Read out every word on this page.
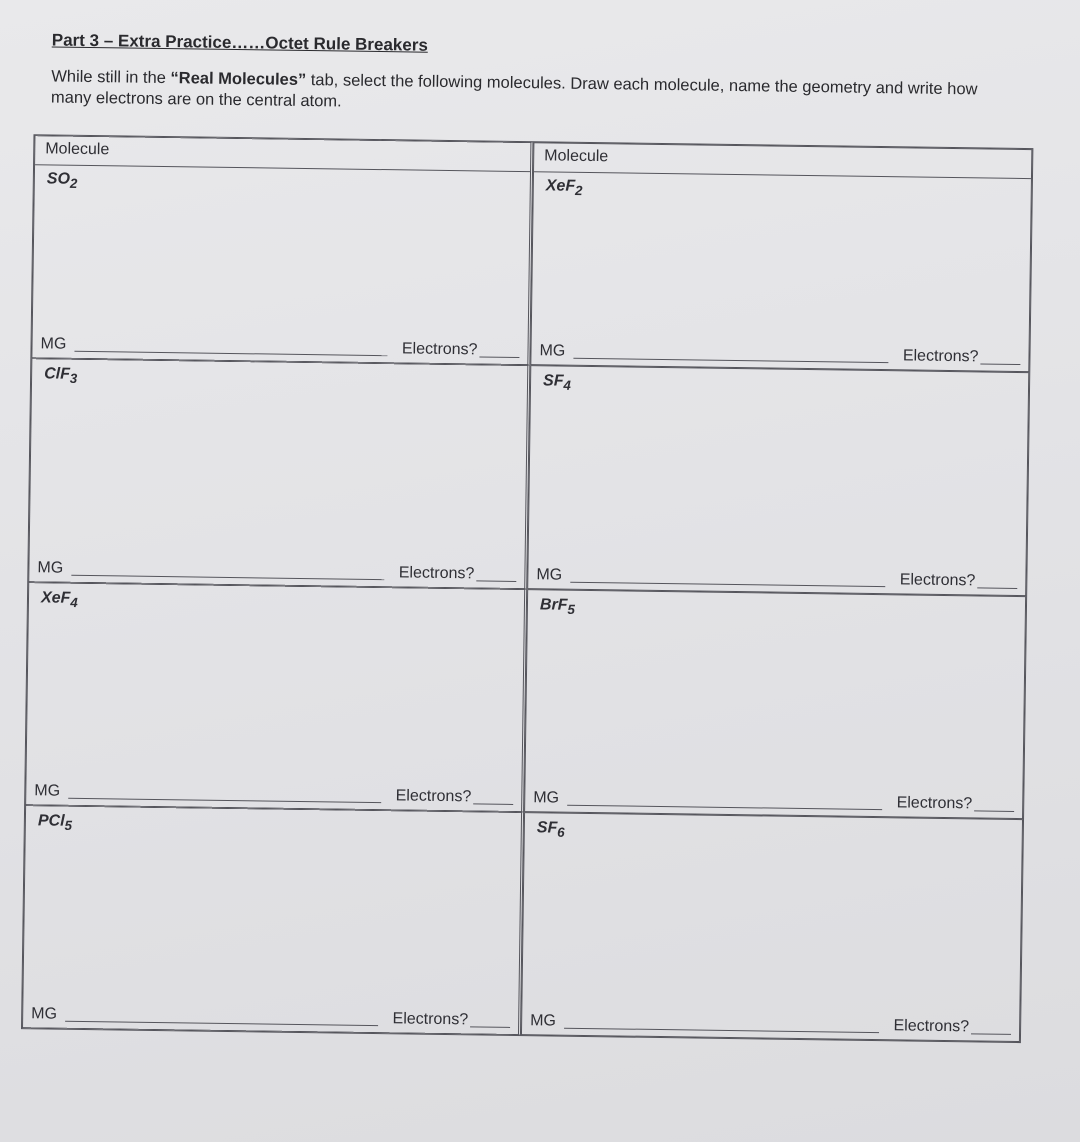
Part 3 – Extra Practice……Octet Rule Breakers

While still in the “Real Molecules” tab, select the following molecules. Draw each molecule, name the geometry and write how many electrons are on the central atom.

Molecule
$SO_2$
MG	Electrons?
Molecule
XeF$_2$
MG	Electrons?
ClF$_3$
MG	Electrons?
$SF_4$
MG	Electrons?
XeF$_4$
MG	Electrons?
BrF$_5$
MG	Electrons?
PCl$_5$
MG	Electrons?
$SF_6$
MG	Electrons?
